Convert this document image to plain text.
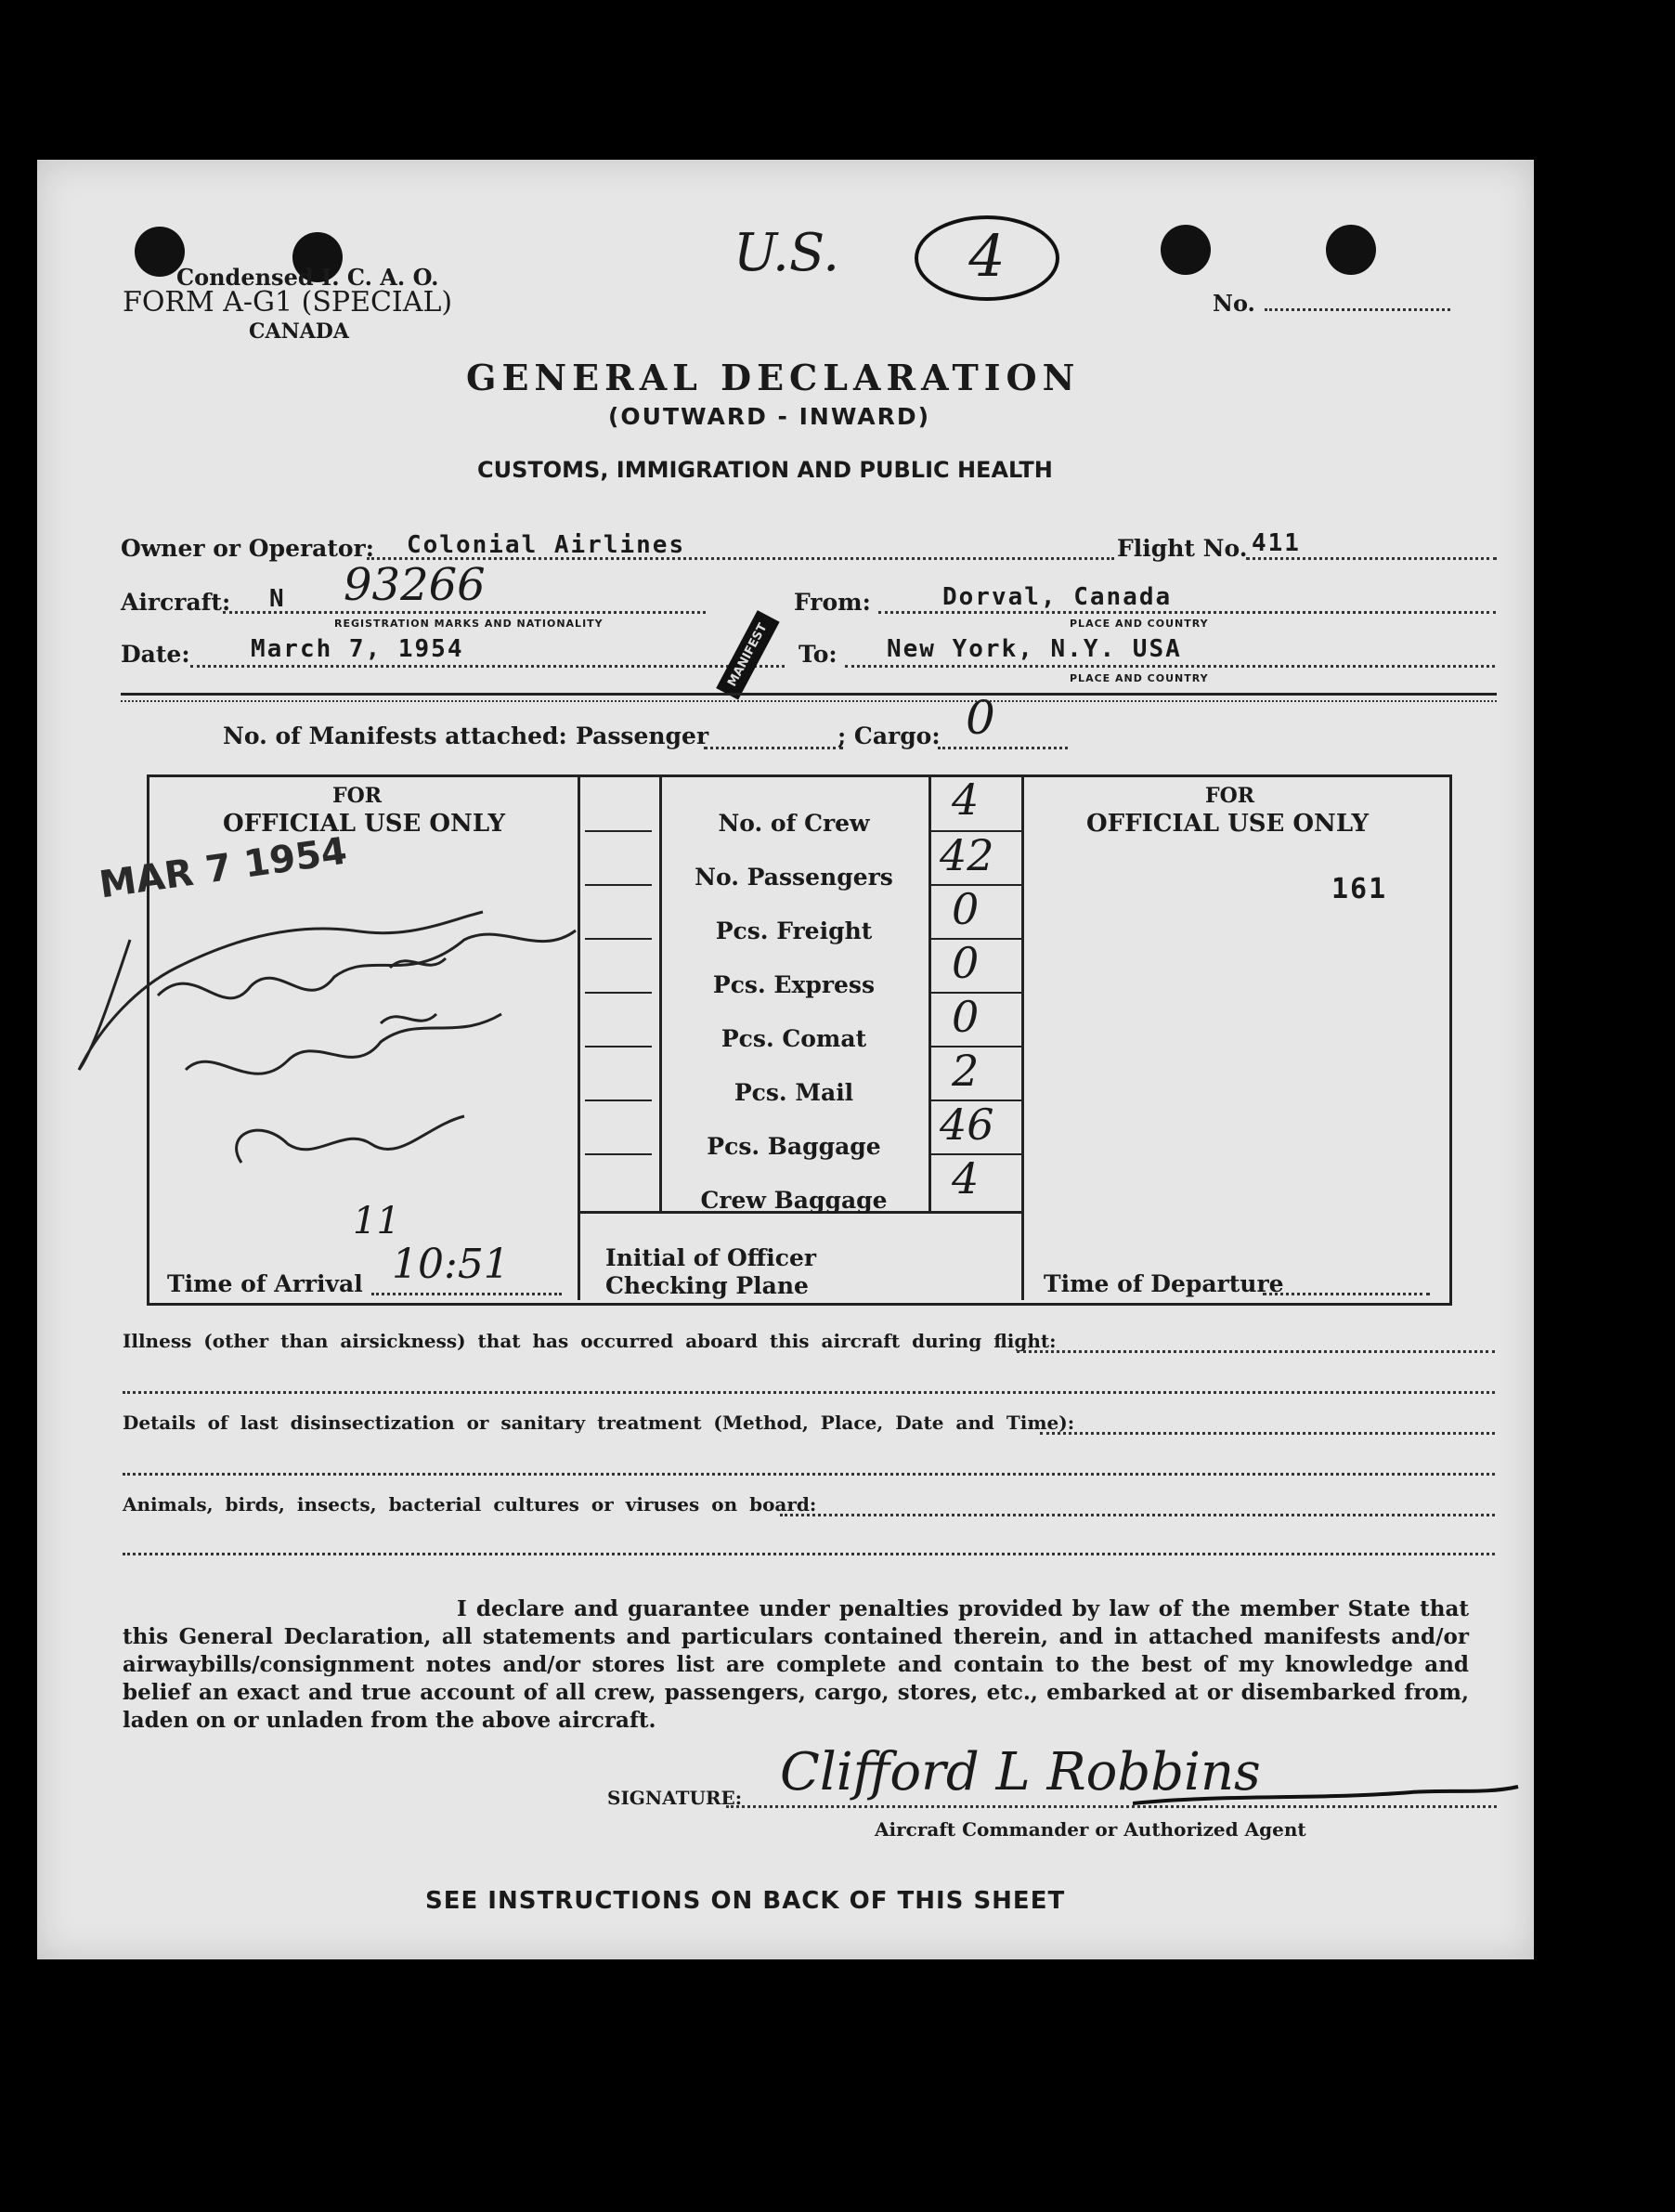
Condensed I. C. A. O.
FORM A-G1 (SPECIAL)
CANADA
U.S.	4
No.
GENERAL DECLARATION
(OUTWARD - INWARD)
CUSTOMS, IMMIGRATION AND PUBLIC HEALTH
Owner or Operator: Colonial Airlines	Flight No. 411
Aircraft: N 93266
REGISTRATION MARKS AND NATIONALITY
From:	Dorval, Canada
PLACE AND COUNTRY
Date:	March 7, 1954	To: New York, N.Y. USA
PLACE AND COUNTRY
MANIFEST
No. of Manifests attached: Passenger	; Cargo: 0
FOR
OFFICIAL USE ONLY
FOR
OFFICIAL USE ONLY
161
No. of Crew	4
No. Passengers	42
Pcs. Freight	0
Pcs. Express	0
Pcs. Comat	0
Pcs. Mail	2
Pcs. Baggage	46
Crew Baggage	4
MAR 7 1954
11
Time of Arrival 10:51	Initial of Officer
Checking Plane	Time of Departure
Illness (other than airsickness) that has occurred aboard this aircraft during flight:
Details of last disinsectization or sanitary treatment (Method, Place, Date and Time):
Animals, birds, insects, bacterial cultures or viruses on board:
I declare and guarantee under penalties provided by law of the member State that this General Declaration, all statements and particulars contained therein, and in attached manifests and/or airwaybills/consignment notes and/or stores list are complete and contain to the best of my knowledge and belief an exact and true account of all crew, passengers, cargo, stores, etc., embarked at or disembarked from, laden on or unladen from the above aircraft.
SIGNATURE: Clifford L Robbins
Aircraft Commander or Authorized Agent
SEE INSTRUCTIONS ON BACK OF THIS SHEET
